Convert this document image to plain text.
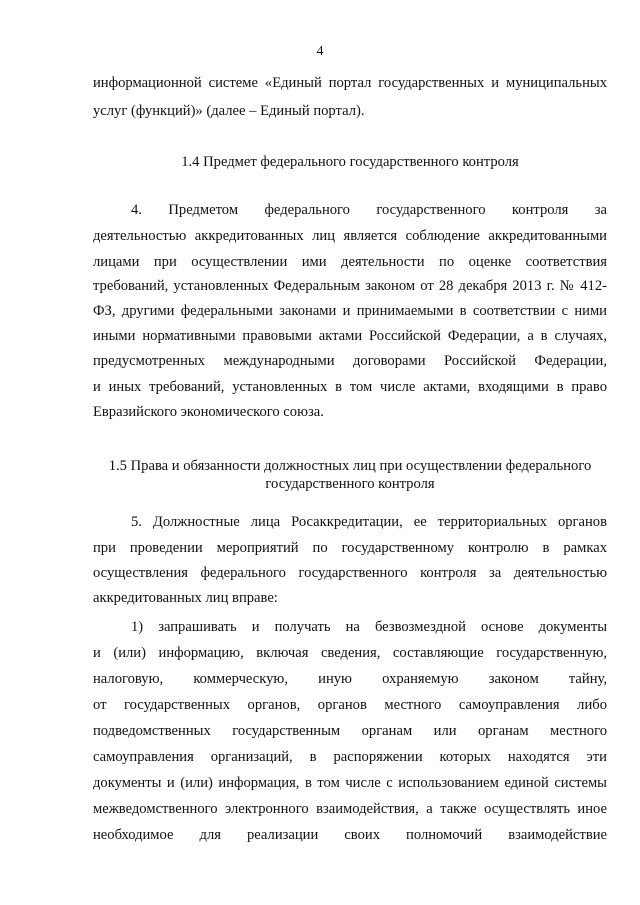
4
информационной системе «Единый портал государственных и муниципальных
услуг (функций)» (далее – Единый портал).
1.4 Предмет федерального государственного контроля
4. Предметом федерального государственного контроля за
деятельностью аккредитованных лиц является соблюдение аккредитованными
лицами при осуществлении ими деятельности по оценке соответствия
требований, установленных Федеральным законом от 28 декабря 2013 г. № 412-
ФЗ, другими федеральными законами и принимаемыми в соответствии с ними
иными нормативными правовыми актами Российской Федерации, а в случаях,
предусмотренных международными договорами Российской Федерации,
и иных требований, установленных в том числе актами, входящими в право
Евразийского экономического союза.
1.5 Права и обязанности должностных лиц при осуществлении федерального
государственного контроля
5. Должностные лица Росаккредитации, ее территориальных органов
при проведении мероприятий по государственному контролю в рамках
осуществления федерального государственного контроля за деятельностью
аккредитованных лиц вправе:
1) запрашивать и получать на безвозмездной основе документы
и (или) информацию, включая сведения, составляющие государственную,
налоговую, коммерческую, иную охраняемую законом тайну,
от государственных органов, органов местного самоуправления либо
подведомственных государственным органам или органам местного
самоуправления организаций, в распоряжении которых находятся эти
документы и (или) информация, в том числе с использованием единой системы
межведомственного электронного взаимодействия, а также осуществлять иное
необходимое для реализации своих полномочий взаимодействие
